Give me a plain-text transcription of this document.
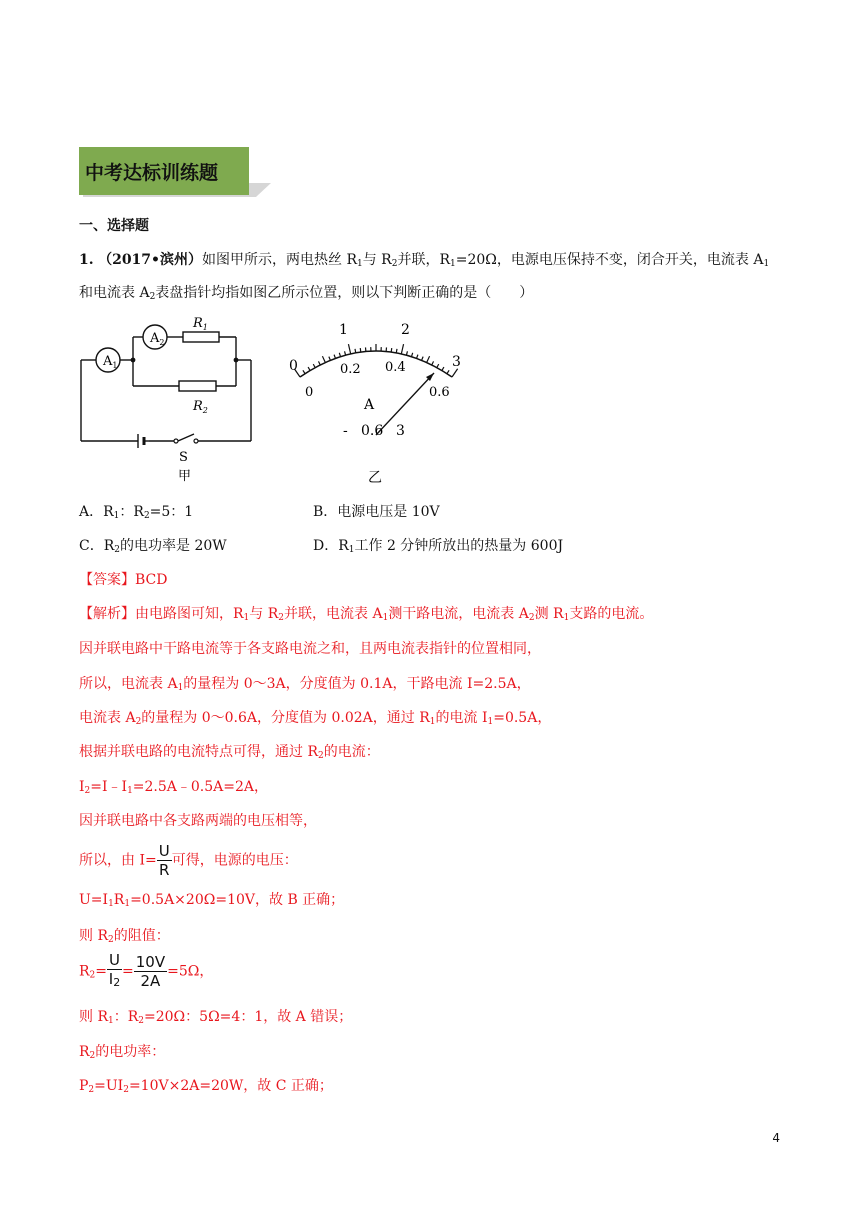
中考达标训练题
一、选择题
1. （2017•滨州）如图甲所示，两电热丝 $R_1$与 $R_2$并联，$R_1=20\Omega$，电源电压保持不变，闭合开关，电流表 $A_1$
和电流表 $A_2$表盘指针均指如图乙所示位置，则以下判断正确的是（　　）
$A_1$
$A_2$
$R_1$
$R_2$
S
甲
0
1	2
3
0
0.2 0.4
0.6
A
- 0.6 3
乙
A．$R_1$：$R_2=5$：1	B．电源电压是 10V
C．$R_2$的电功率是 20W	D．$R_1$工作 2 分钟所放出的热量为 600J
【答案】BCD
【解析】由电路图可知，$R_1$与 $R_2$并联，电流表 $A_1$测干路电流，电流表 $A_2$测 $R_1$支路的电流。
因并联电路中干路电流等于各支路电流之和，且两电流表指针的位置相同，
所以，电流表 $A_1$的量程为 0～3A，分度值为 0.1A，干路电流 I=2.5A，
电流表 $A_2$的量程为 0～0.6A，分度值为 0.02A，通过 $R_1$的电流 $I_1=0.5A$，
根据并联电路的电流特点可得，通过 $R_2$的电流：
$I_2=I﹣I_1=2.5A﹣0.5A=2A$，
因并联电路中各支路两端的电压相等，
所以，由 $I= \frac{U}{R}$ 可得，电源的电压：
$U=I_1R_1=0.5A\times 20\Omega=10V$，故 B 正确；
则 $R_2$的阻值：
$R_2= \frac{U}{I_2} = \frac{10V}{2A} =5\Omega$，
则 $R_1$：$R_2=20\Omega$：5Ω=4：1，故 A 错误；
$R_2$的电功率：
$P_2=UI_2=10V\times 2A=20W$，故 C 正确；
4
